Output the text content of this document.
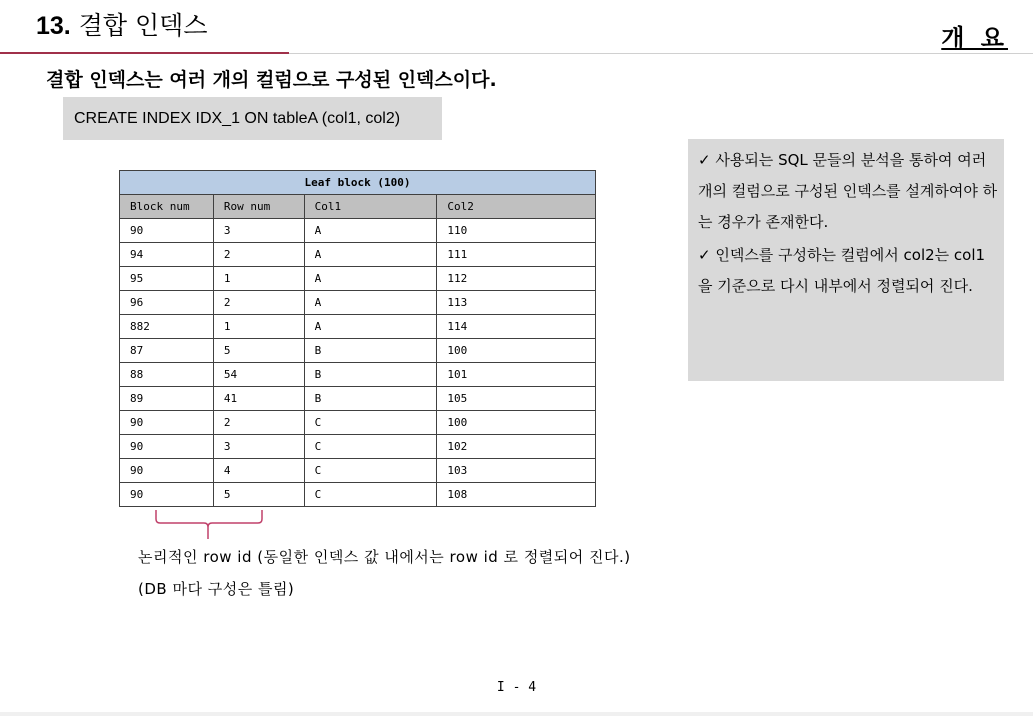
13. 결합 인덱스	개 요
결합 인덱스는 여러 개의 컬럼으로 구성된 인덱스이다.
CREATE INDEX IDX_1 ON tableA (col1, col2)
Leaf block (100)			
Block num	Row num	Col1	Col2
90	3	A	110
94	2	A	111
95	1	A	112
96	2	A	113
882	1	A	114
87	5	B	100
88	54	B	101
89	41	B	105
90	2	C	100
90	3	C	102
90	4	C	103
90	5	C	108
✓ 사용되는 SQL 문들의 분석을 통하여 여러 개의 컬럼으로 구성된 인덱스를 설계하여야 하는 경우가 존재한다.
✓ 인덱스를 구성하는 컬럼에서 col2는 col1 을 기준으로 다시 내부에서 정렬되어 진다.
논리적인 row id (동일한 인덱스 값 내에서는 row id 로 정렬되어 진다.)
(DB 마다 구성은 틀림)
I - 4
